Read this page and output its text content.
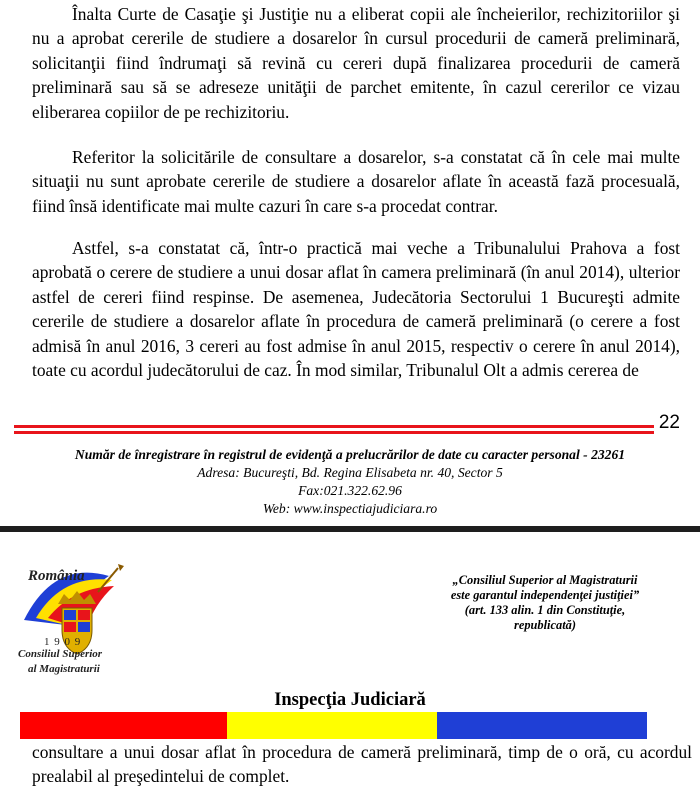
Înalta Curte de Casaţie şi Justiţie nu a eliberat copii ale încheierilor, rechizitoriilor şi nu a aprobat cererile de studiere a dosarelor în cursul procedurii de cameră preliminară, solicitanţii fiind îndrumaţi să revină cu cereri după finalizarea procedurii de cameră preliminară sau să se adreseze unităţii de parchet emitente, în cazul cererilor ce vizau eliberarea copiilor de pe rechizitoriu.

Referitor la solicitările de consultare a dosarelor, s-a constatat că în cele mai multe situaţii nu sunt aprobate cererile de studiere a dosarelor aflate în această fază procesuală, fiind însă identificate mai multe cazuri în care s-a procedat contrar.

Astfel, s-a constatat că, într-o practică mai veche a Tribunalului Prahova a fost aprobată o cerere de studiere a unui dosar aflat în camera preliminară (în anul 2014), ulterior astfel de cereri fiind respinse. De asemenea, Judecătoria Sectorului 1 Bucureşti admite cererile de studiere a dosarelor aflate în procedura de cameră preliminară (o cerere a fost admisă în anul 2016, 3 cereri au fost admise în anul 2015, respectiv o cerere în anul 2014), toate cu acordul judecătorului de caz. În mod similar, Tribunalul Olt a admis cererea de

22
Număr de înregistrare în registrul de evidenţă a prelucrărilor de date cu caracter personal - 23261
Adresa: Bucureşti, Bd. Regina Elisabeta nr. 40, Sector 5
Fax:021.322.62.96
Web: www.inspectiajudiciara.ro
România
1 9 0 9
Consiliul Superior
al Magistraturii
„Consiliul Superior al Magistraturii
este garantul independenţei justiţiei”
(art. 133 alin. 1 din Constituţie,
republicată)
Inspecţia Judiciară

consultare a unui dosar aflat în procedura de cameră preliminară, timp de o oră, cu acordul prealabil al preşedintelui de complet.
